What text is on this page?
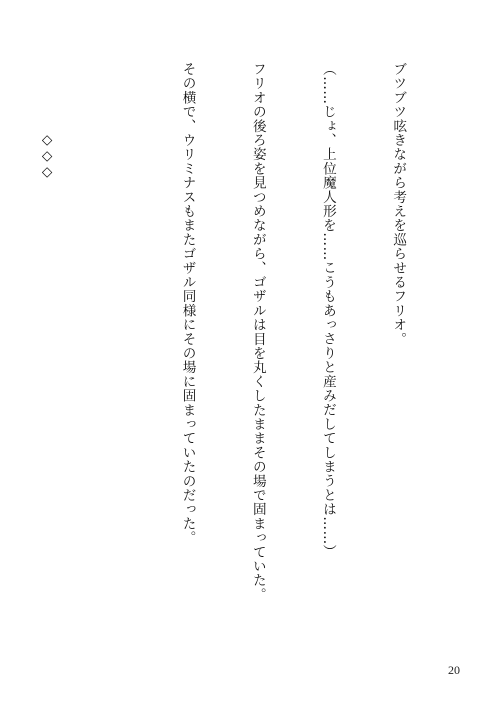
ブツブツ呟きながら考えを巡らせるフリオ。

（……じょ、上位魔人形を……こうもあっさりと産みだしてしまうとは……）

フリオの後ろ姿を見つめながら、ゴザルは目を丸くしたままその場で固まっていた。

その横で、ウリミナスもまたゴザル同様にその場に固まっていたのだった。

◇◇◇

20
